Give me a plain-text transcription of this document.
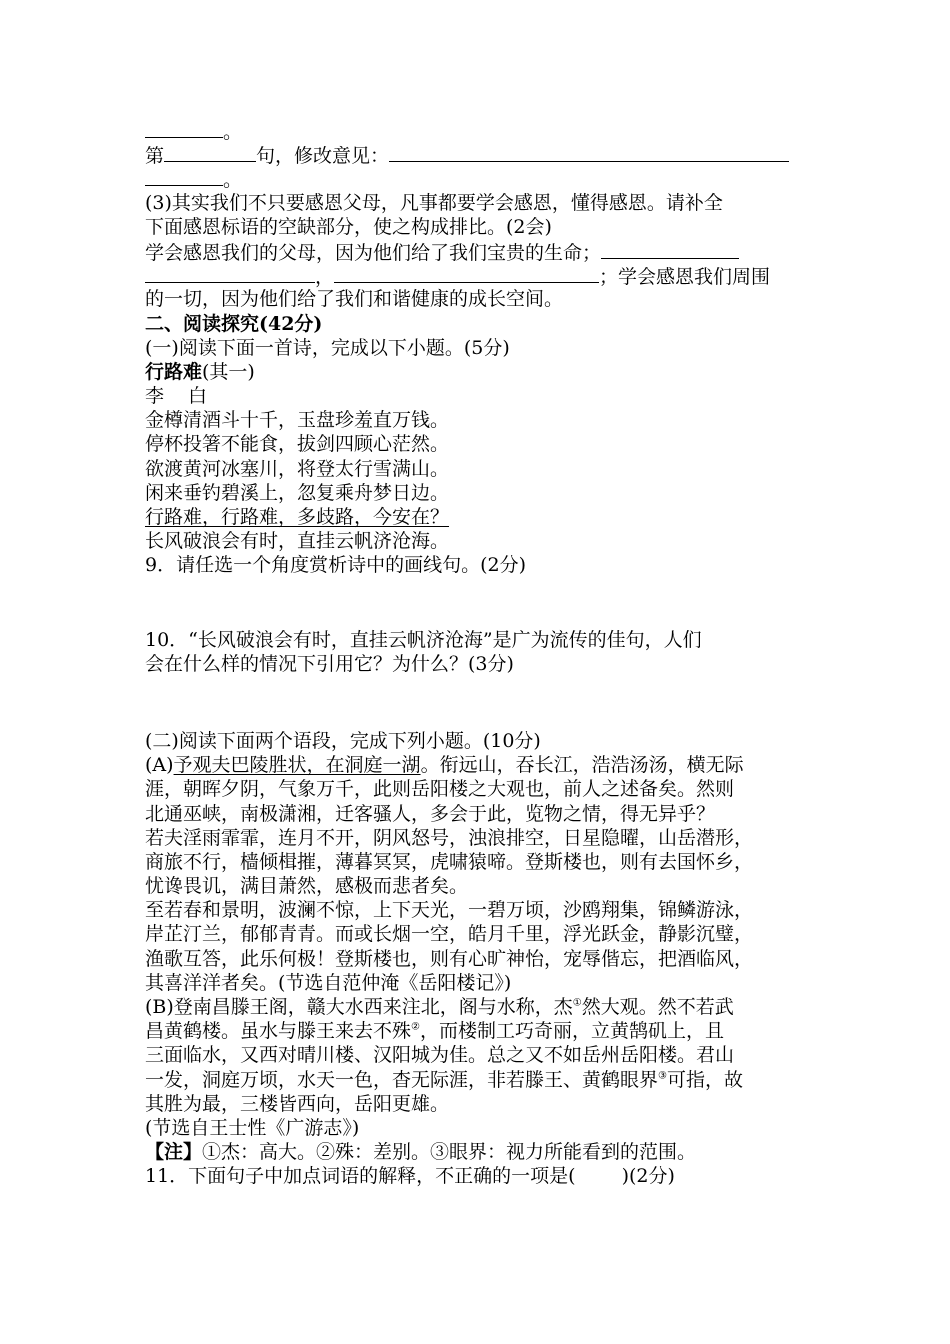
。
第	句，修改意见：
。
(3)其实我们不只要感恩父母，凡事都要学会感恩，懂得感恩。请补全
下面感恩标语的空缺部分，使之构成排比。(2会)
学会感恩我们的父母，因为他们给了我们宝贵的生命；
，	；学会感恩我们周围
的一切，因为他们给了我们和谐健康的成长空间。
二、阅读探究(42分)
(一)阅读下面一首诗，完成以下小题。(5分)
行路难(其一)
李 白
金樽清酒斗十千，玉盘珍羞直万钱。
停杯投箸不能食，拔剑四顾心茫然。
欲渡黄河冰塞川，将登太行雪满山。
闲来垂钓碧溪上，忽复乘舟梦日边。
行路难，行路难，多歧路，今安在？
长风破浪会有时，直挂云帆济沧海。
9．请任选一个角度赏析诗中的画线句。(2分)
10．“长风破浪会有时，直挂云帆济沧海”是广为流传的佳句，人们
会在什么样的情况下引用它？为什么？(3分)
(二)阅读下面两个语段，完成下列小题。(10分)
(A)予观夫巴陵胜状，在洞庭一湖。衔远山，吞长江，浩浩汤汤，横无际
涯，朝晖夕阴，气象万千，此则岳阳楼之大观也，前人之述备矣。然则
北通巫峡，南极潇湘，迁客骚人，多会于此，览物之情，得无异乎？
若夫淫雨霏霏，连月不开，阴风怒号，浊浪排空，日星隐曜，山岳潜形，
商旅不行，樯倾楫摧，薄暮冥冥，虎啸猿啼。登斯楼也，则有去国怀乡，
忧谗畏讥，满目萧然，感极而悲者矣。
至若春和景明，波澜不惊，上下天光，一碧万顷，沙鸥翔集，锦鳞游泳，
岸芷汀兰，郁郁青青。而或长烟一空，皓月千里，浮光跃金，静影沉璧，
渔歌互答，此乐何极！登斯楼也，则有心旷神怡，宠辱偕忘，把酒临风，
其喜洋洋者矣。(节选自范仲淹《岳阳楼记》)
(B)登南昌滕王阁，赣大水西来注北，阁与水称，杰①然大观。然不若武
昌黄鹤楼。虽水与滕王来去不殊②，而楼制工巧奇丽，立黄鹄矶上，且
三面临水，又西对晴川楼、汉阳城为佳。总之又不如岳州岳阳楼。君山
一发，洞庭万顷，水天一色，杳无际涯，非若滕王、黄鹤眼界③可指，故
其胜为最，三楼皆西向，岳阳更雄。
(节选自王士性《广游志》)
【注】①杰：高大。②殊：差别。③眼界：视力所能看到的范围。
11．下面句子中加点词语的解释，不正确的一项是( )(2分)
